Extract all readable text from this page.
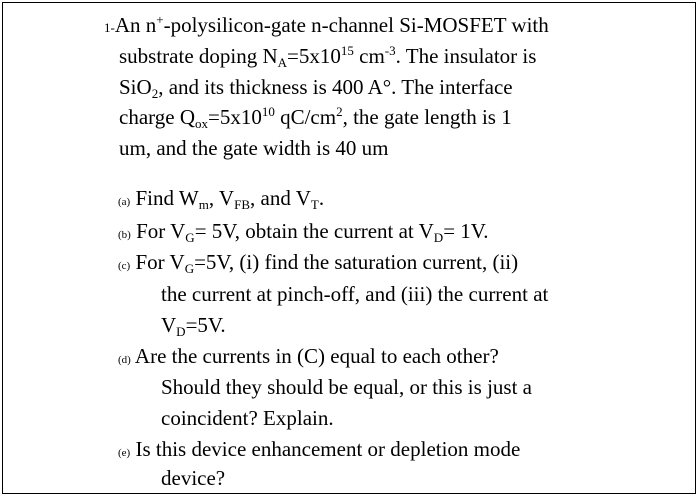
1-An n+-polysilicon-gate n-channel Si-MOSFET with
substrate doping $N_A=5x10^{15}$ $cm^{-3}$. The insulator is
SiO$_2$, and its thickness is 400 A°. The interface
charge $Q_{ox}=5x10^{10}$ $qC/cm^2$, the gate length is 1
um, and the gate width is 40 um
(a) Find $W_m$, $V_{FB}$, and $V_T$.
(b) For $V_G= 5V$, obtain the current at $V_D= 1V$.
(c) For $V_G=5V$, (i) find the saturation current, (ii)
the current at pinch-off, and (iii) the current at
$V_D=5V$.
(d) Are the currents in (C) equal to each other?
Should they should be equal, or this is just a
coincident? Explain.
(e) Is this device enhancement or depletion mode
device?
